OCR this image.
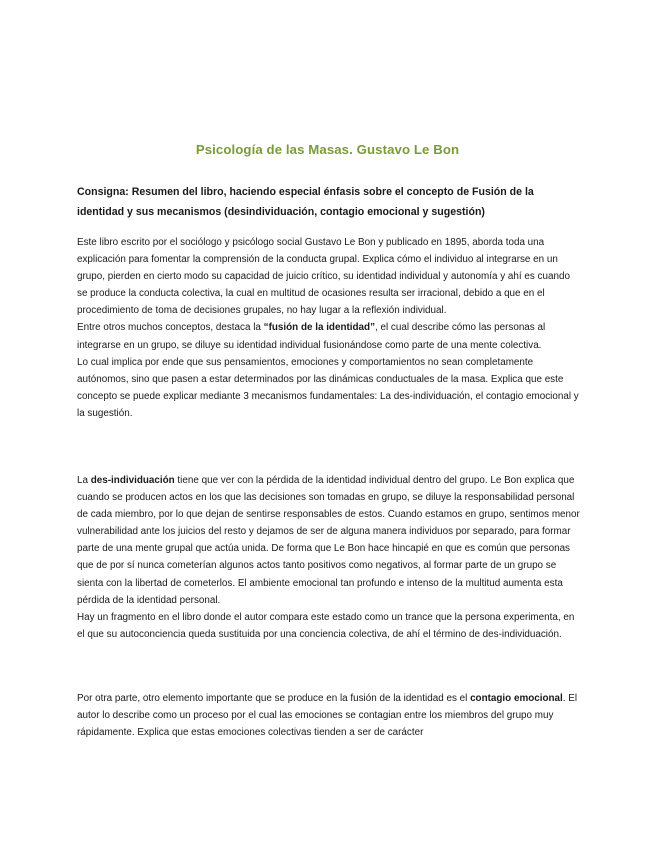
Psicología de las Masas. Gustavo Le Bon
Consigna: Resumen del libro, haciendo especial énfasis sobre el concepto de Fusión de la identidad y sus mecanismos (desindividuación, contagio emocional y sugestión)

Este libro escrito por el sociólogo y psicólogo social Gustavo Le Bon y publicado en 1895, aborda toda una explicación para fomentar la comprensión de la conducta grupal. Explica cómo el individuo al integrarse en un grupo, pierden en cierto modo su capacidad de juicio crítico, su identidad individual y autonomía y ahí es cuando se produce la conducta colectiva, la cual en multitud de ocasiones resulta ser irracional, debido a que en el procedimiento de toma de decisiones grupales, no hay lugar a la reflexión individual.

Entre otros muchos conceptos, destaca la “fusión de la identidad”, el cual describe cómo las personas al integrarse en un grupo, se diluye su identidad individual fusionándose como parte de una mente colectiva.

Lo cual implica por ende que sus pensamientos, emociones y comportamientos no sean completamente autónomos, sino que pasen a estar determinados por las dinámicas conductuales de la masa. Explica que este concepto se puede explicar mediante 3 mecanismos fundamentales: La des-individuación, el contagio emocional y la sugestión.

La des-individuación tiene que ver con la pérdida de la identidad individual dentro del grupo. Le Bon explica que cuando se producen actos en los que las decisiones son tomadas en grupo, se diluye la responsabilidad personal de cada miembro, por lo que dejan de sentirse responsables de estos. Cuando estamos en grupo, sentimos menor vulnerabilidad ante los juicios del resto y dejamos de ser de alguna manera individuos por separado, para formar parte de una mente grupal que actúa unida. De forma que Le Bon hace hincapié en que es común que personas que de por sí nunca cometerían algunos actos tanto positivos como negativos, al formar parte de un grupo se sienta con la libertad de cometerlos. El ambiente emocional tan profundo e intenso de la multitud aumenta esta pérdida de la identidad personal.

Hay un fragmento en el libro donde el autor compara este estado como un trance que la persona experimenta, en el que su autoconciencia queda sustituida por una conciencia colectiva, de ahí el término de des-individuación.

Por otra parte, otro elemento importante que se produce en la fusión de la identidad es el contagio emocional. El autor lo describe como un proceso por el cual las emociones se contagian entre los miembros del grupo muy rápidamente. Explica que estas emociones colectivas tienden a ser de carácter
